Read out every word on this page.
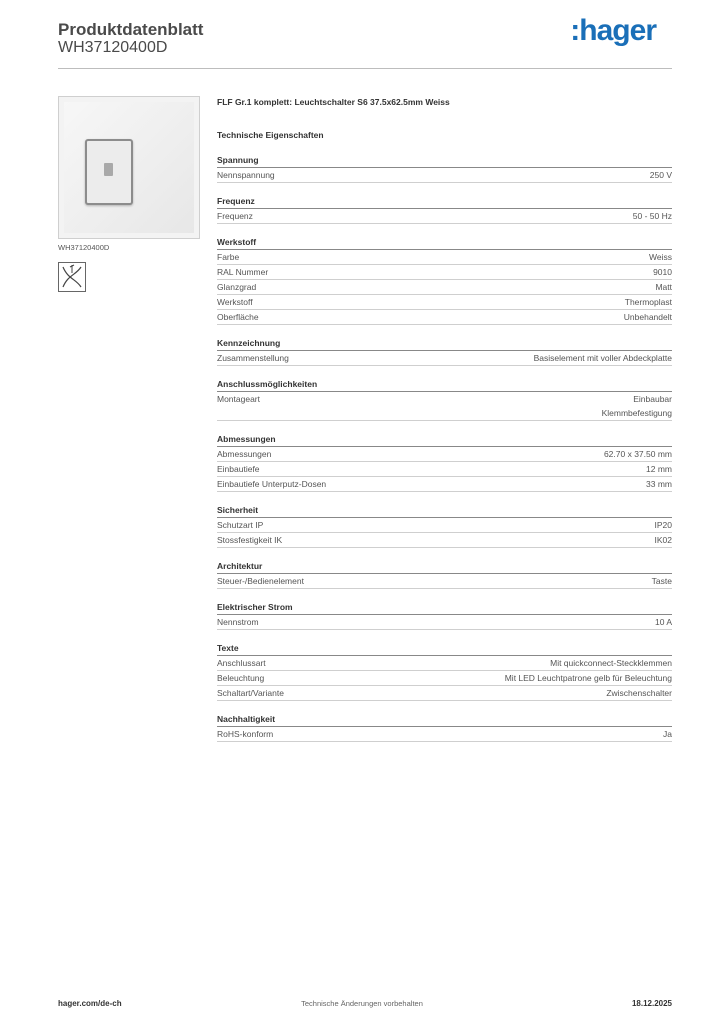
Produktdatenblatt
WH37120400D
:hager
WH37120400D
FLF Gr.1 komplett: Leuchtschalter S6 37.5x62.5mm Weiss
Technische Eigenschaften
Spannung
Nennspannung	250 V
Frequenz
Frequenz	50 - 50 Hz
Werkstoff
Farbe	Weiss
RAL Nummer	9010
Glanzgrad	Matt
Werkstoff	Thermoplast
Oberfläche	Unbehandelt
Kennzeichnung
Zusammenstellung	Basiselement mit voller Abdeckplatte
Anschlussmöglichkeiten
Montageart	Einbaubar
Klemmbefestigung
Abmessungen
Abmessungen	62.70 x 37.50 mm
Einbautiefe	12 mm
Einbautiefe Unterputz-Dosen	33 mm
Sicherheit
Schutzart IP	IP20
Stossfestigkeit IK	IK02
Architektur
Steuer-/Bedienelement	Taste
Elektrischer Strom
Nennstrom	10 A
Texte
Anschlussart	Mit quickconnect-Steckklemmen
Beleuchtung	Mit LED Leuchtpatrone gelb für Beleuchtung
Schaltart/Variante	Zwischenschalter
Nachhaltigkeit
RoHS-konform	Ja
hager.com/de-ch	Technische Änderungen vorbehalten	18.12.2025
